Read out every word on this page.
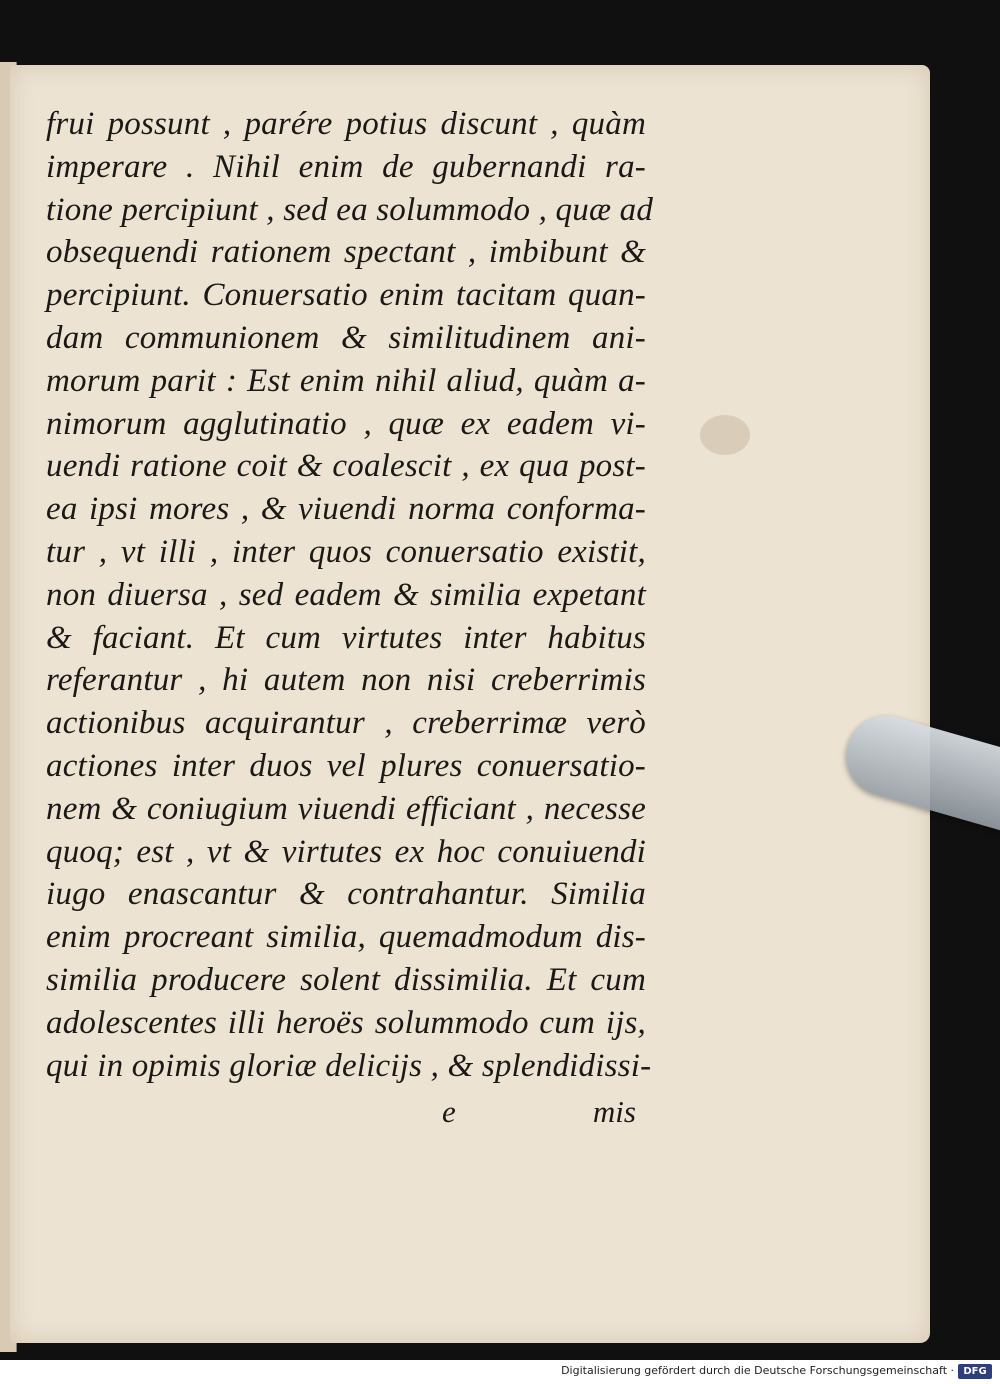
frui possunt , parére potius discunt , quàm
imperare . Nihil enim de gubernandi ra-
tione percipiunt , sed ea solummodo , quæ ad
obsequendi rationem spectant , imbibunt &
percipiunt. Conuersatio enim tacitam quan-
dam communionem & similitudinem ani-
morum parit : Est enim nihil aliud, quàm a-
nimorum agglutinatio , quæ ex eadem vi-
uendi ratione coit & coalescit , ex qua post-
ea ipsi mores , & viuendi norma conforma-
tur , vt illi , inter quos conuersatio existit,
non diuersa , sed eadem & similia expetant
& faciant. Et cum virtutes inter habitus
referantur , hi autem non nisi creberrimis
actionibus acquirantur , creberrimæ verò
actiones inter duos vel plures conuersatio-
nem & coniugium viuendi efficiant , necesse
quoq; est , vt & virtutes ex hoc conuiuendi
iugo enascantur & contrahantur. Similia
enim procreant similia, quemadmodum dis-
similia producere solent dissimilia. Et cum
adolescentes illi heroës solummodo cum ijs,
qui in opimis gloriæ delicijs , & splendidissi-
e	mis
Digitalisierung gefördert durch die Deutsche Forschungsgemeinschaft · DFG
